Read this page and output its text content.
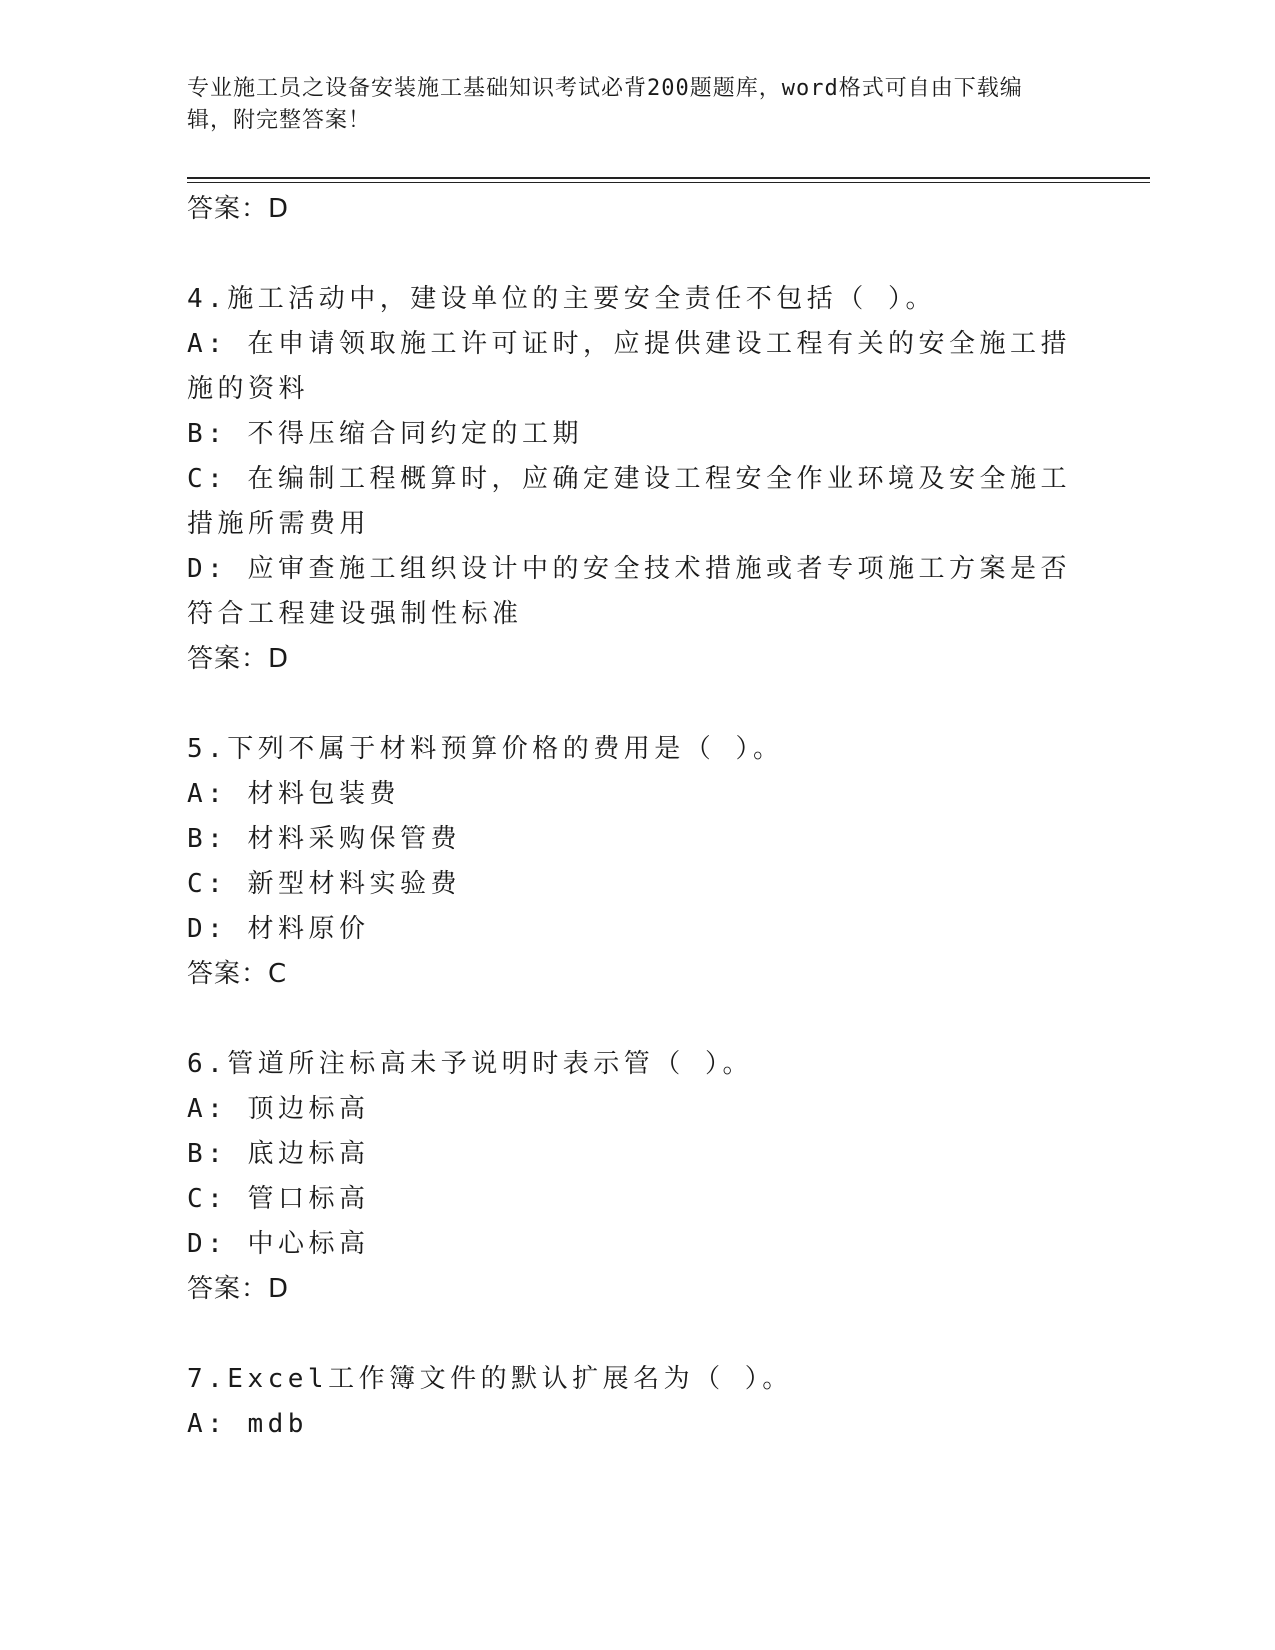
专业施工员之设备安装施工基础知识考试必背200题题库，word格式可自由下载编辑，附完整答案！
答案：D
4.施工活动中，建设单位的主要安全责任不包括（ ）。
A: 在申请领取施工许可证时，应提供建设工程有关的安全施工措施的资料
B: 不得压缩合同约定的工期
C: 在编制工程概算时，应确定建设工程安全作业环境及安全施工措施所需费用
D: 应审查施工组织设计中的安全技术措施或者专项施工方案是否符合工程建设强制性标准
答案：D
5.下列不属于材料预算价格的费用是（ ）。
A: 材料包装费
B: 材料采购保管费
C: 新型材料实验费
D: 材料原价
答案：C
6.管道所注标高未予说明时表示管（ ）。
A: 顶边标高
B: 底边标高
C: 管口标高
D: 中心标高
答案：D
7.Excel工作簿文件的默认扩展名为（ ）。
A: mdb
